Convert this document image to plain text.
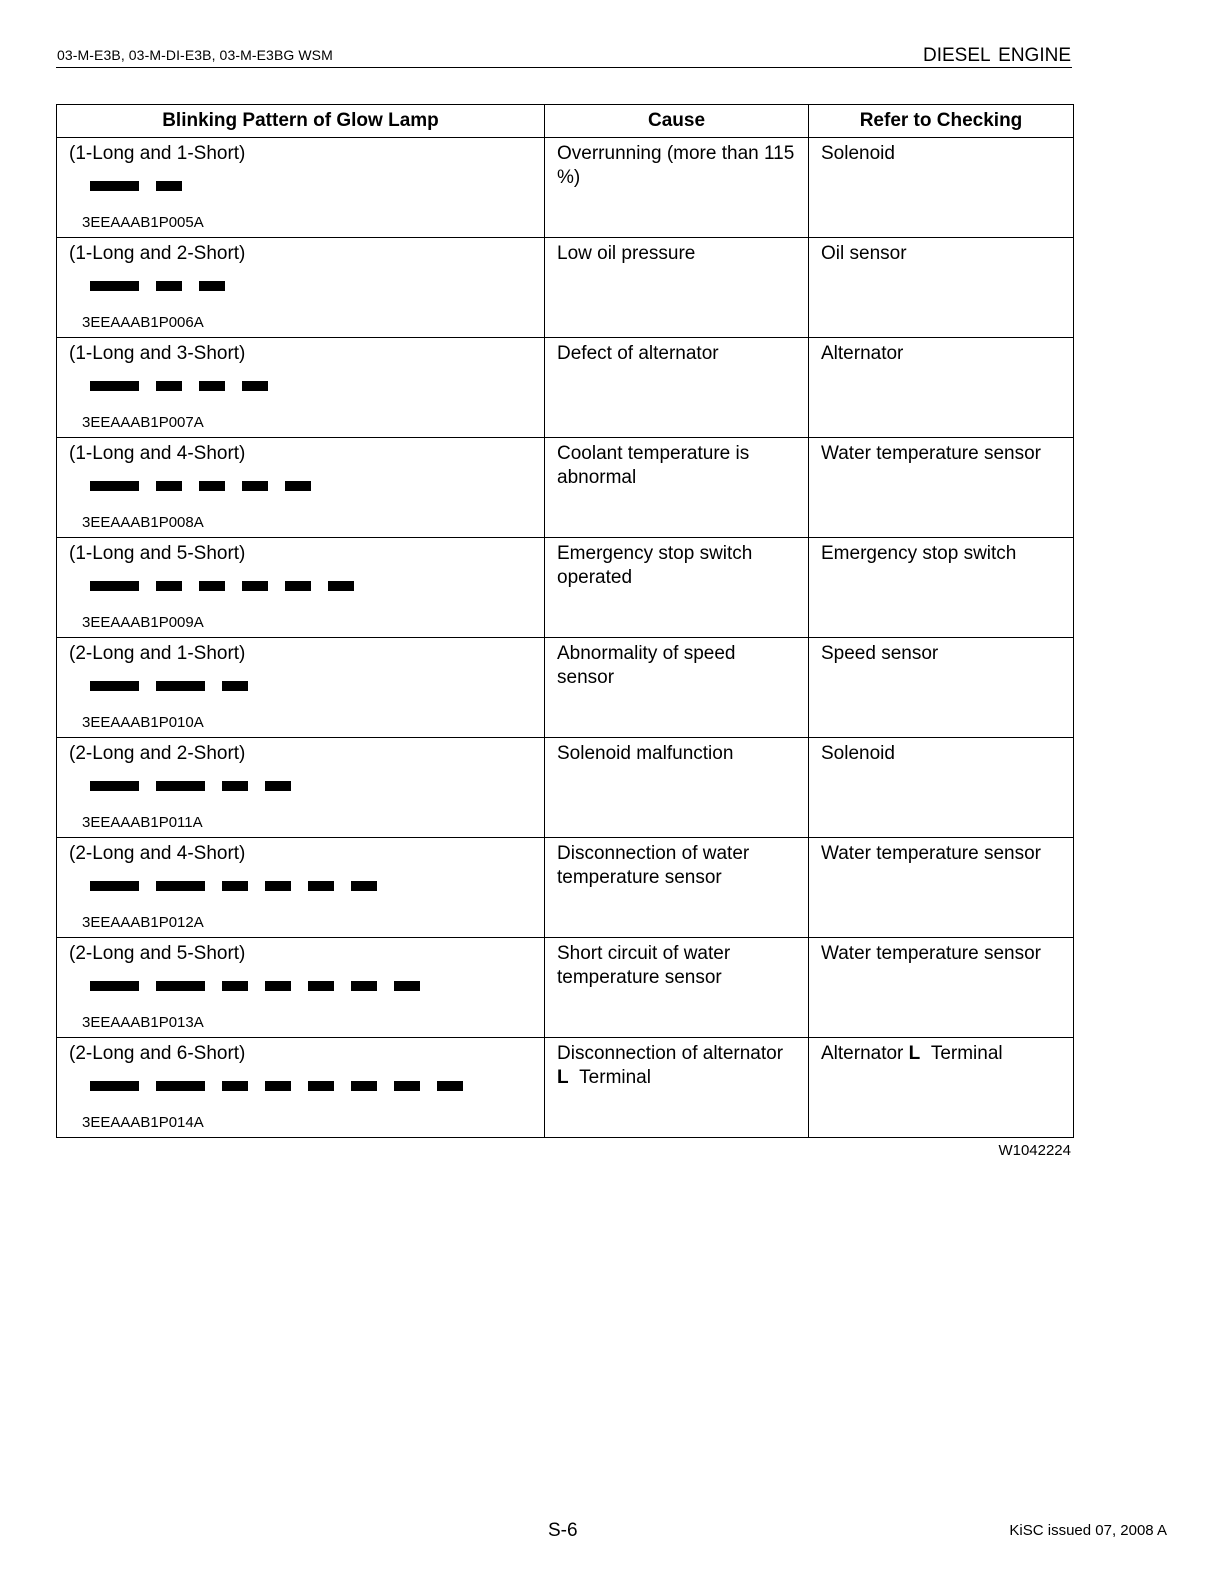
03-M-E3B, 03-M-DI-E3B, 03-M-E3BG WSM	DIESEL ENGINE
Blinking Pattern of Glow Lamp	Cause	Refer to Checking

(1-Long and 1-Short)
3EEAAAB1P005A	Overrunning (more than 115 %)	Solenoid

(1-Long and 2-Short)
3EEAAAB1P006A	Low oil pressure	Oil sensor

(1-Long and 3-Short)
3EEAAAB1P007A	Defect of alternator	Alternator

(1-Long and 4-Short)
3EEAAAB1P008A	Coolant temperature is abnormal	Water temperature sensor

(1-Long and 5-Short)
3EEAAAB1P009A	Emergency stop switch operated	Emergency stop switch

(2-Long and 1-Short)
3EEAAAB1P010A	Abnormality of speed sensor	Speed sensor

(2-Long and 2-Short)
3EEAAAB1P011A	Solenoid malfunction	Solenoid

(2-Long and 4-Short)
3EEAAAB1P012A	Disconnection of water temperature sensor	Water temperature sensor

(2-Long and 5-Short)
3EEAAAB1P013A	Short circuit of water temperature sensor	Water temperature sensor

(2-Long and 6-Short)
3EEAAAB1P014A	Disconnection of alternator
L Terminal	Alternator L Terminal
W1042224
S-6	KiSC issued 07, 2008 A
